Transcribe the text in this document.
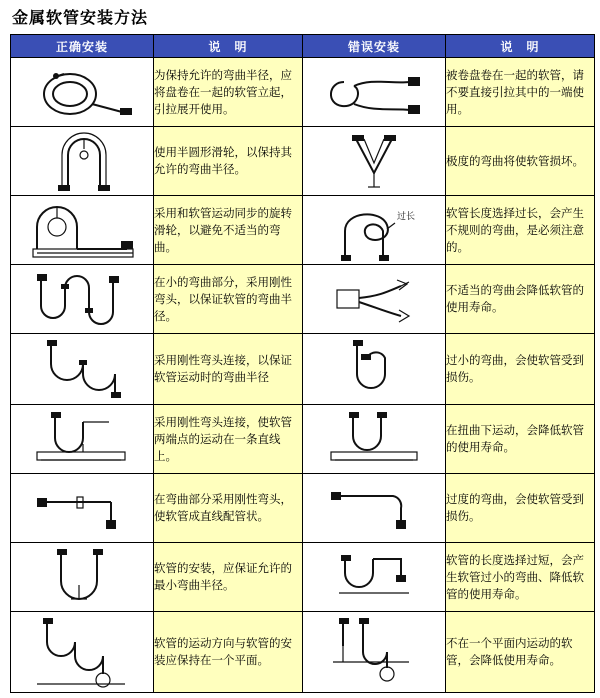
金属软管安装方法
正确安装	说　明	错误安装	说　明

	为保持允许的弯曲半径，应将盘卷在一起的软管立起，引拉展开使用。		被卷盘卷在一起的软管，请不要直接引拉其中的一端使用。

	使用半圆形滑轮，以保持其允许的弯曲半径。		极度的弯曲将使软管损坏。

	采用和软管运动同步的旋转滑轮，以避免不适当的弯曲。	过长	软管长度选择过长，会产生不规则的弯曲，是必须注意的。

	在小的弯曲部分，采用刚性弯头，以保证软管的弯曲半径。		不适当的弯曲会降低软管的使用寿命。

	采用刚性弯头连接，以保证软管运动时的弯曲半径		过小的弯曲，会使软管受到损伤。

	采用刚性弯头连接，使软管两端点的运动在一条直线上。		在扭曲下运动，会降低软管的使用寿命。

	在弯曲部分采用刚性弯头，使软管成直线配管状。		过度的弯曲，会使软管受到损伤。

	软管的安装，应保证允许的最小弯曲半径。		软管的长度选择过短，会产生软管过小的弯曲、降低软管的使用寿命。

	软管的运动方向与软管的安装应保持在一个平面。		不在一个平面内运动的软管，会降低使用寿命。
